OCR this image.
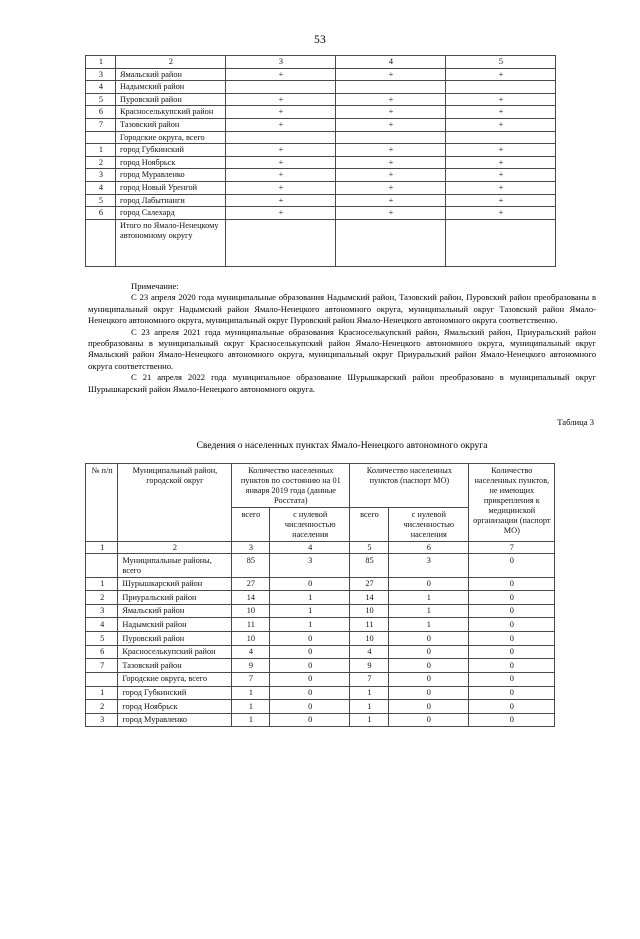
53
1	2	3	4	5
3	Ямальский район	+	+	+
4	Надымский район			
5	Пуровский район	+	+	+
6	Красноселькупский район	+	+	+
7	Тазовский район	+	+	+
	Городские округа, всего			
1	город Губкинский	+	+	+
2	город Ноябрьск	+	+	+
3	город Муравленко	+	+	+
4	город Новый Уренгой	+	+	+
5	город Лабытнанги	+	+	+
6	город Салехард	+	+	+
	Итого по Ямало-Ненецкому автономному округу			

Примечание:

С 23 апреля 2020 года муниципальные образования Надымский район, Тазовский район, Пуровский район преобразованы в муниципальный округ Надымский район Ямало-Ненецкого автономного округа, муниципальный округ Тазовский район Ямало-Ненецкого автономного округа, муниципальный округ Пуровский район Ямало-Ненецкого автономного округа соответственно.

С 23 апреля 2021 года муниципальные образования Красноселькупский район, Ямальский район, Приуральский район преобразованы в муниципальный округ Красноселькупский район Ямало-Ненецкого автономного округа, муниципальный округ Ямальский район Ямало-Ненецкого автономного округа, муниципальный округ Приуральский район Ямало-Ненецкого автономного округа соответственно.

С 21 апреля 2022 года муниципальное образование Шурышкарский район преобразовано в муниципальный округ Шурышкарский район Ямало-Ненецкого автономного округа.

Таблица 3
Сведения о населенных пунктах Ямало-Ненецкого автономного округа
№ п/п	Муниципальный район, городской округ	Количество населенных пунктов по состоянию на 01 января 2019 года (данные Росстата)		Количество населенных пунктов (паспорт МО)		Количество населенных пунктов, не имеющих прикрепления к медицинской организации (паспорт МО)
		всего	с нулевой численностью населения	всего	с нулевой численностью населения	
1	2	3	4	5	6	7
	Муниципальные районы, всего	85	3	85	3	0
1	Шурышкарский район	27	0	27	0	0
2	Приуральский район	14	1	14	1	0
3	Ямальский район	10	1	10	1	0
4	Надымский район	11	1	11	1	0
5	Пуровский район	10	0	10	0	0
6	Красноселькупский район	4	0	4	0	0
7	Тазовский район	9	0	9	0	0
	Городские округа, всего	7	0	7	0	0
1	город Губкинский	1	0	1	0	0
2	город Ноябрьск	1	0	1	0	0
3	город Муравленко	1	0	1	0	0
